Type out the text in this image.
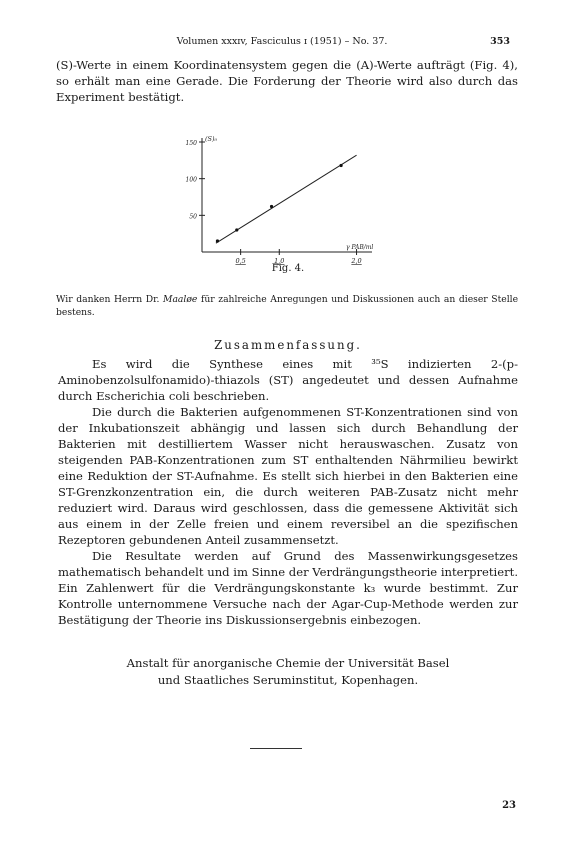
Volumen xxxɪv, Fasciculus ɪ (1951) – No. 37.	353
(S)-Werte in einem Koordinatensystem gegen die (A)-Werte aufträgt (Fig. 4), so erhält man eine Gerade. Die Forderung der Theorie wird also durch das Experiment bestätigt.
150
100
50
0,5	1,0	2,0
(S)₀
γ PAB/ml
Fig. 4.
Wir danken Herrn Dr. Maaløe für zahlreiche Anregungen und Diskussionen auch an dieser Stelle bestens.
Zusammenfassung.

Es wird die Synthese eines mit ³⁵S indizierten 2-(p-Aminobenzolsulfonamido)-thiazols (ST) angedeutet und dessen Aufnahme durch Escherichia coli beschrieben.

Die durch die Bakterien aufgenommenen ST-Konzentrationen sind von der Inkubationszeit abhängig und lassen sich durch Behandlung der Bakterien mit destilliertem Wasser nicht herauswaschen. Zusatz von steigenden PAB-Konzentrationen zum ST enthaltenden Nährmilieu bewirkt eine Reduktion der ST-Aufnahme. Es stellt sich hierbei in den Bakterien eine ST-Grenzkonzentration ein, die durch weiteren PAB-Zusatz nicht mehr reduziert wird. Daraus wird geschlossen, dass die gemessene Aktivität sich aus einem in der Zelle freien und einem reversibel an die spezifischen Rezeptoren gebundenen Anteil zusammensetzt.

Die Resultate werden auf Grund des Massenwirkungsgesetzes mathematisch behandelt und im Sinne der Verdrängungstheorie interpretiert. Ein Zahlenwert für die Verdrängungskonstante k₃ wurde bestimmt. Zur Kontrolle unternommene Versuche nach der Agar-Cup-Methode werden zur Bestätigung der Theorie ins Diskussionsergebnis einbezogen.

Anstalt für anorganische Chemie der Universität Basel
und Staatliches Seruminstitut, Kopenhagen.
23
